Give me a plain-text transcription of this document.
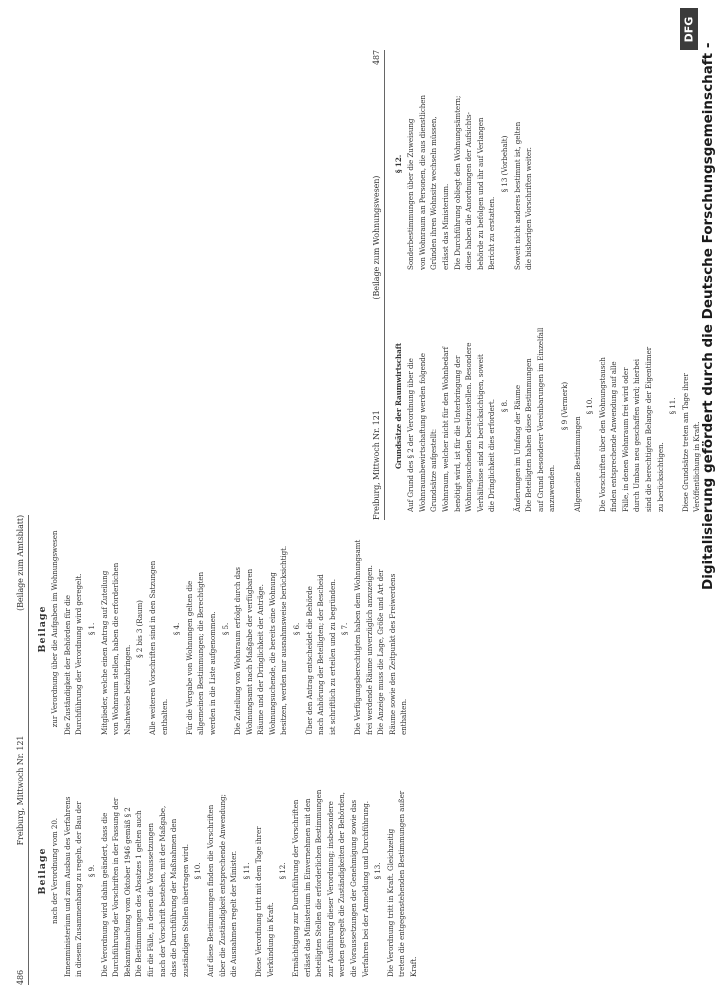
486
Freiburg, Mittwoch Nr. 121
(Beilage zum Amtsblatt)
Beilage nach der Verordnung vom 20. Innenministerium und zum Ausbau des Verfahrens in diesem Zusammenhang zu regeln, der Bau der § 9. Die Verordnung wird dahin geändert, dass die Durchführung der Vorschriften in der Fassung der Bekanntmachung vom Oktober 1946 gemäß § 2 Die Bestimmungen des Absatzes 1 gelten auch für die Fälle, in denen die Voraussetzungen nach der Vorschrift bestehen, mit der Maßgabe, dass die Durchführung der Maßnahmen den zuständigen Stellen übertragen wird. § 10. Auf diese Bestimmungen finden die Vorschriften über die Zuständigkeit entsprechende Anwendung; die Ausnahmen regelt der Minister. § 11. Diese Verordnung tritt mit dem Tage ihrer Verkündung in Kraft.
§ 12. Ermächtigung zur Durchführung der Vorschriften erlässt das Ministerium im Einvernehmen mit den beteiligten Stellen die erforderlichen Bestimmungen zur Ausführung dieser Verordnung; insbesondere werden geregelt die Zuständigkeiten der Behörden, die Voraussetzungen der Genehmigung sowie das Verfahren bei der Anmeldung und Durchführung. § 13. Die Verordnung tritt in Kraft. Gleichzeitig treten die entgegenstehenden Bestimmungen außer Kraft.
Beilage zur Verordnung über die Aufgaben im Wohnungswesen Die Zuständigkeit der Behörden für die Durchführung der Verordnung wird geregelt. § 1. Mitglieder, welche einen Antrag auf Zuteilung von Wohnraum stellen, haben die erforderlichen Nachweise beizubringen.
§ 2 bis 3 (Raum) Alle weiteren Vorschriften sind in den Satzungen enthalten.
§ 4. Für die Vergabe von Wohnungen gelten die allgemeinen Bestimmungen; die Berechtigten werden in die Liste aufgenommen. § 5. Die Zuteilung von Wohnraum erfolgt durch das Wohnungsamt nach Maßgabe der verfügbaren Räume und der Dringlichkeit der Anträge. Wohnungsuchende, die bereits eine Wohnung besitzen, werden nur ausnahmsweise berücksichtigt. § 6. Über den Antrag entscheidet die Behörde nach Anhörung der Beteiligten; der Bescheid ist schriftlich zu erteilen und zu begründen. § 7. Die Verfügungsberechtigten haben dem Wohnungsamt frei werdende Räume unverzüglich anzuzeigen. Die Anzeige muss die Lage, Größe und Art der Räume sowie den Zeitpunkt des Freiwerdens enthalten.
Freiburg, Mittwoch Nr. 121
(Beilage zum Wohnungswesen)
487
Grundsätze der Raumwirtschaft Auf Grund des § 2 der Verordnung über die Wohnraumbewirtschaftung werden folgende Grundsätze aufgestellt: Wohnraum, welcher nicht für den Wohnbedarf benötigt wird, ist für die Unterbringung der Wohnungsuchenden bereitzustellen. Besondere Verhältnisse sind zu berücksichtigen, soweit die Dringlichkeit dies erfordert. § 8. Änderungen im Umfang der Räume Die Beteiligten haben diese Bestimmungen auf Grund besonderer Vereinbarungen im Einzelfall anzuwenden.
§ 9 (Vermerk)
Allgemeine Bestimmungen
§ 10. Die Vorschriften über den Wohnungstausch finden entsprechende Anwendung auf alle Fälle, in denen Wohnraum frei wird oder durch Umbau neu geschaffen wird; hierbei sind die berechtigten Belange der Eigentümer zu berücksichtigen.
§ 11. Diese Grundsätze treten am Tage ihrer Veröffentlichung in Kraft.
§ 12. Sonderbestimmungen über die Zuweisung von Wohnraum an Personen, die aus dienstlichen Gründen ihren Wohnsitz wechseln müssen, erlässt das Ministerium. Die Durchführung obliegt den Wohnungsämtern; diese haben die Anordnungen der Aufsichts- behörde zu befolgen und ihr auf Verlangen Bericht zu erstatten.
§ 13 (Vorbehalt) Soweit nicht anderes bestimmt ist, gelten die bisherigen Vorschriften weiter.	Digitalisierung gefördert durch die Deutsche Forschungsgemeinschaft -
DFG
